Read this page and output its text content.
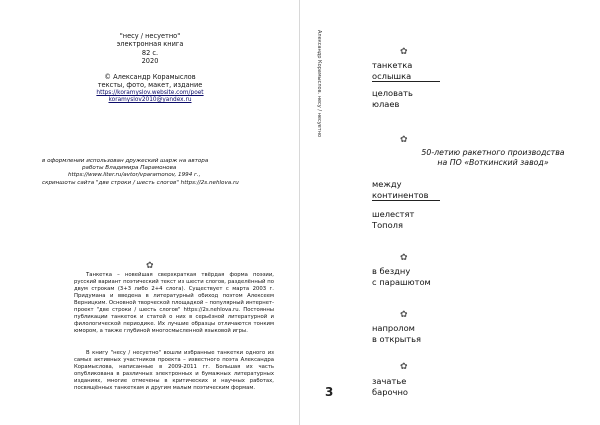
"несу / несуетно"
электронная книга
82 с.
2020
© Александр Корамыслов
тексты, фото, макет, издание
https://koramyslov.website.com/poet
koramyslov2010@yandex.ru
в оформлении использован дружеский шарж на автора
работы Владимира Парамонова
https://www.liter.ru/avtor/vparamonov, 1994 г.,
скриншоты сайта "две строки / шесть слогов" https://2s.nehlova.ru
✿
Танкетка – новейшая сверхкраткая твёрдая форма поэзии, русский вариант поэтический текст из шести слогов, разделённый по двум строкам (3+3 либо 2+4 слога). Существует с марта 2003 г. Придумана и введена в литературный обиход поэтом Алексеем Верницким. Основной творческой площадкой – популярный интернет-проект "две строки / шесть слогов" https://2s.nehlova.ru. Постоянны публикации танкеток и статей о них в серьёзной литературной и филологической периодике. Их лучшие образцы отличаются тонким юмором, а также глубиной многосмысленной языковой игры.
В книгу "несу / несуетно" вошли избранные танкетки одного из самых активных участников проекта – известного поэта Александра Корамыслова, написанные в 2009-2011 гг. Большая их часть опубликована в различных электронных и бумажных литературных изданиях, многие отмечены в критических и научных работах, посвящённых танкеткам и другим малым поэтическим формам.
Александр Корамыслов. несу / несуетно	✿
танкетка
ослышка
целовать
юлаев
✿
50-летию ракетного производства
на ПО «Воткинский завод»
между
континентов
шелестят
Тополя
✿
в бездну
с парашютом
✿
напролом
в открытья
✿
зачатье
барочно
3
